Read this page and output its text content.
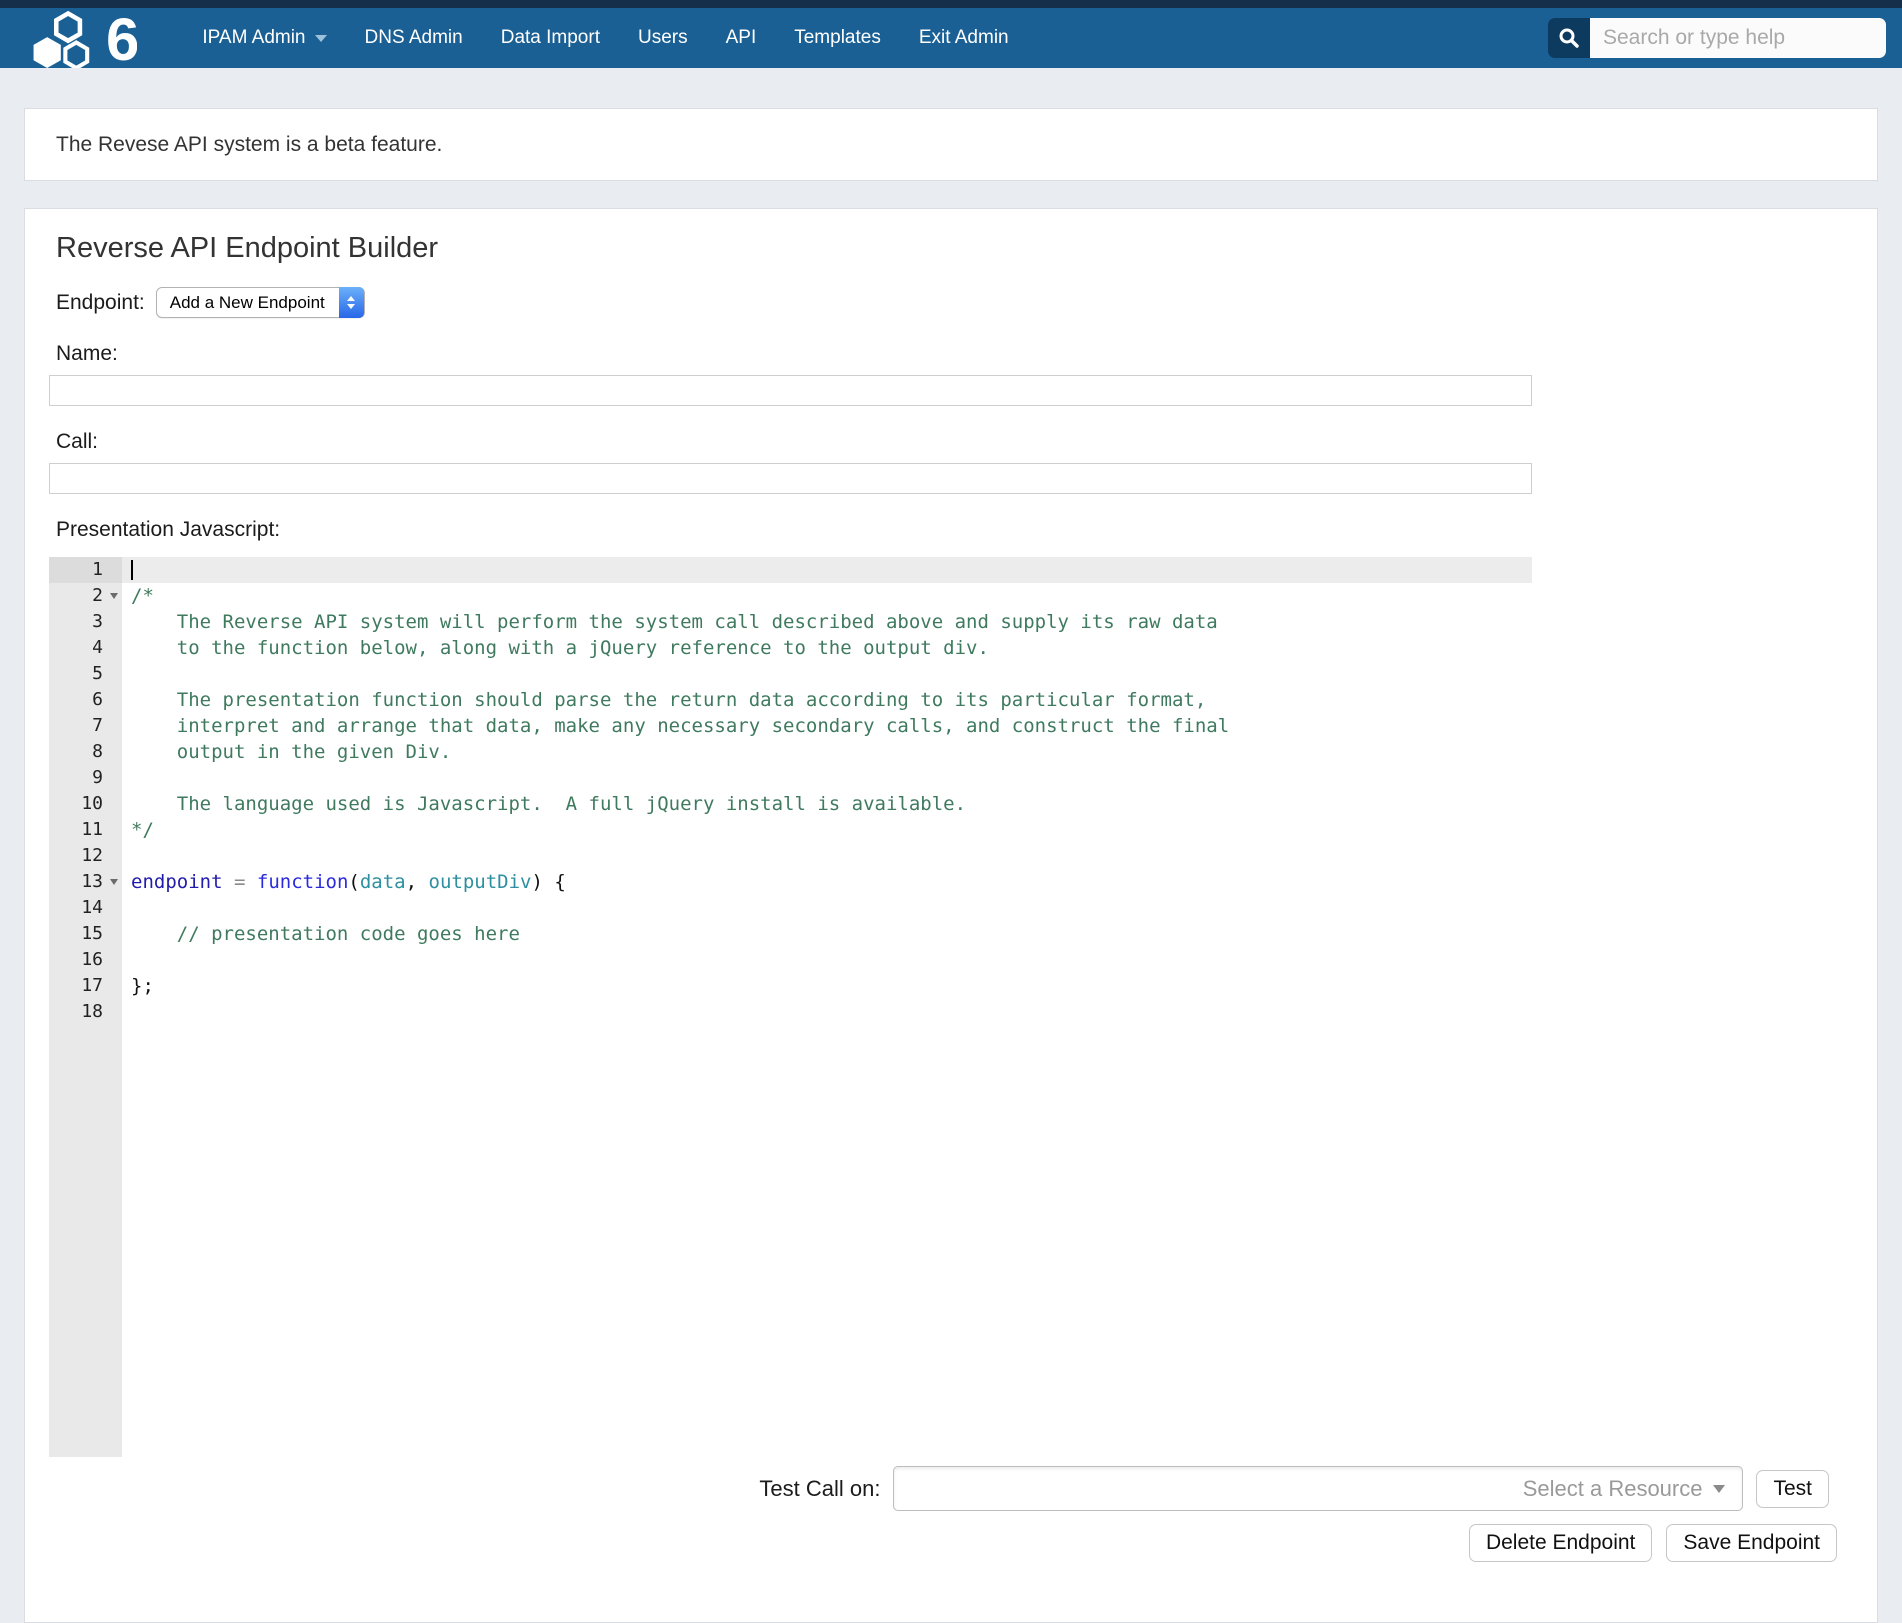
6	IPAM Admin	DNS Admin	Data Import	Users	API	Templates	Exit Admin
Search or type help
The Revese API system is a beta feature.
Reverse API Endpoint Builder
Endpoint: Add a New Endpoint
Name:
Call:
Presentation Javascript:
1
2	/*
3	The Reverse API system will perform the system call described above and supply its raw data
4	to the function below, along with a jQuery reference to the output div.
5
6	The presentation function should parse the return data according to its particular format,
7	interpret and arrange that data, make any necessary secondary calls, and construct the final
8	output in the given Div.
9
10	The language used is Javascript.  A full jQuery install is available.
11	*/
12
13	endpoint = function(data, outputDiv) {
14
15	// presentation code goes here
16
17	};
18
Test Call on:	Select a Resource	Test
Delete Endpoint	Save Endpoint
